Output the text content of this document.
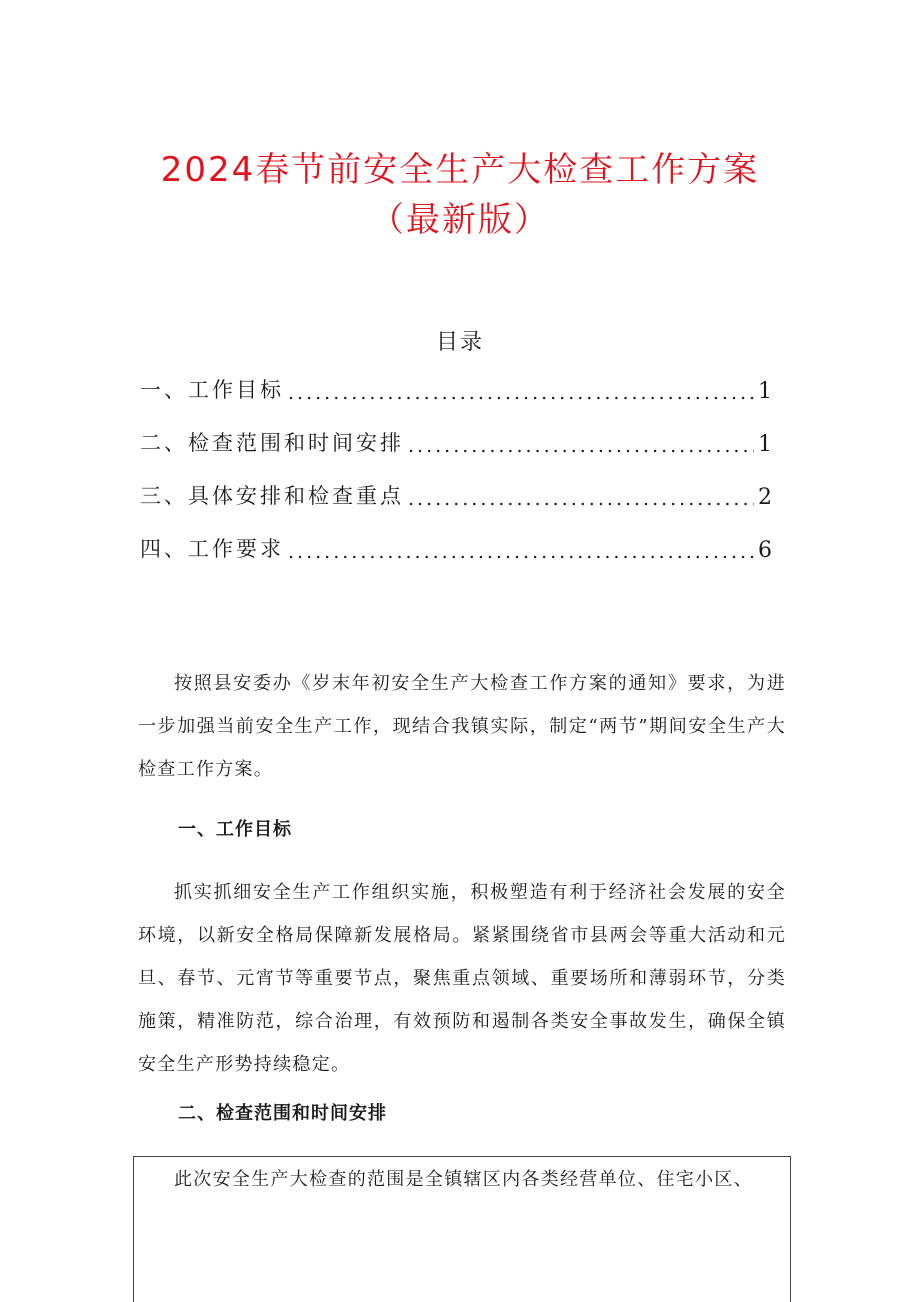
2024春节前安全生产大检查工作方案
（最新版）
目录
一、工作目标 .....	1
二、检查范围和时间安排 .....	1
三、具体安排和检查重点 .....	2
四、工作要求 .....	6

按照县安委办《岁末年初安全生产大检查工作方案的通知》要求，为进一步加强当前安全生产工作，现结合我镇实际，制定“两节”期间安全生产大检查工作方案。

一、工作目标

抓实抓细安全生产工作组织实施，积极塑造有利于经济社会发展的安全环境，以新安全格局保障新发展格局。紧紧围绕省市县两会等重大活动和元旦、春节、元宵节等重要节点，聚焦重点领域、重要场所和薄弱环节，分类施策，精准防范，综合治理，有效预防和遏制各类安全事故发生，确保全镇安全生产形势持续稳定。

二、检查范围和时间安排

此次安全生产大检查的范围是全镇辖区内各类经营单位、住宅小区、
